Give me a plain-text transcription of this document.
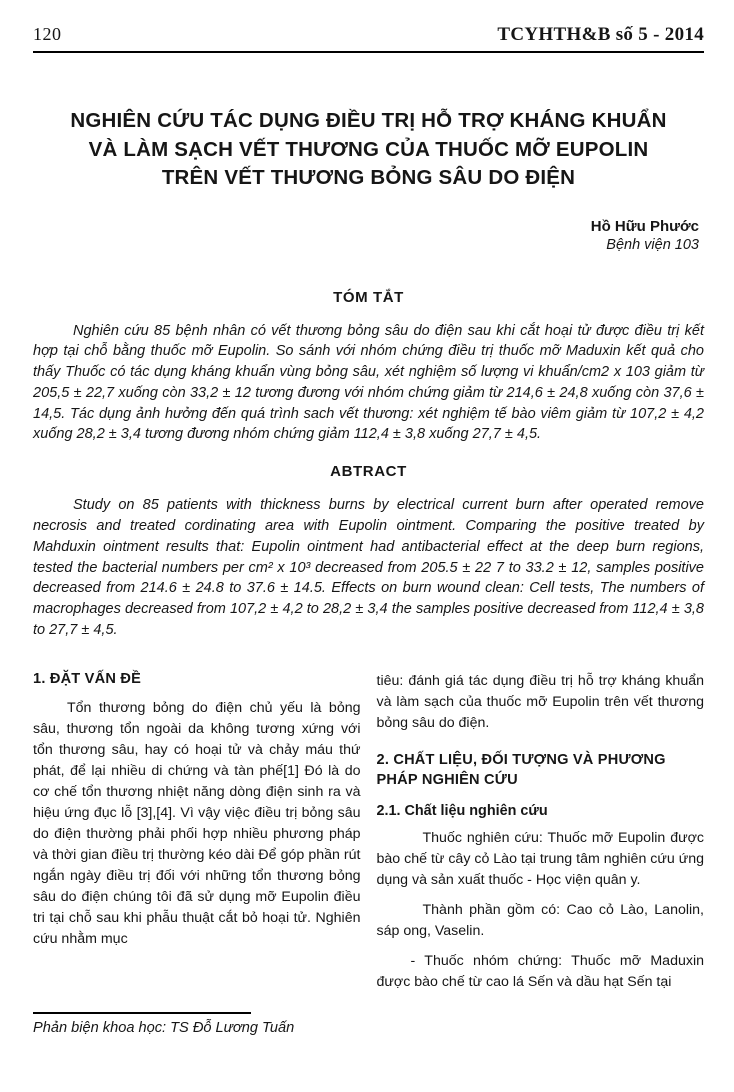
120	TCYHTH&B số 5 - 2014
NGHIÊN CỨU TÁC DỤNG ĐIỀU TRỊ HỖ TRỢ KHÁNG KHUẨN
VÀ LÀM SẠCH VẾT THƯƠNG CỦA THUỐC MỠ EUPOLIN
TRÊN VẾT THƯƠNG BỎNG SÂU DO ĐIỆN
Hồ Hữu Phước
Bệnh viện 103
TÓM TẮT

Nghiên cứu 85 bệnh nhân có vết thương bỏng sâu do điện sau khi cắt hoại tử được điều trị kết hợp tại chỗ bằng thuốc mỡ Eupolin. So sánh với nhóm chứng điều trị thuốc mỡ Maduxin kết quả cho thấy Thuốc có tác dụng kháng khuẩn vùng bỏng sâu, xét nghiệm số lượng vi khuẩn/cm2 x 103 giảm từ 205,5 ± 22,7 xuống còn 33,2 ± 12 tương đương với nhóm chứng giảm từ 214,6 ± 24,8 xuống còn 37,6 ± 14,5. Tác dụng ảnh hưởng đến quá trình sach vết thương: xét nghiệm tế bào viêm giảm từ 107,2 ± 4,2 xuống 28,2 ± 3,4 tương đương nhóm chứng giảm 112,4 ± 3,8 xuống 27,7 ± 4,5.

ABTRACT

Study on 85 patients with thickness burns by electrical current burn after operated remove necrosis and treated cordinating area with Eupolin ointment. Comparing the positive treated by Mahduxin ointment results that: Eupolin ointment had antibacterial effect at the deep burn regions, tested the bacterial numbers per cm² x 10³ decreased from 205.5 ± 22 7 to 33.2 ± 12, samples positive decreased from 214.6 ± 24.8 to 37.6 ± 14.5. Effects on burn wound clean: Cell tests, The numbers of macrophages decreased from 107,2 ± 4,2 to 28,2 ± 3,4 the samples positive decreased from 112,4 ± 3,8 to 27,7 ± 4,5.

1. ĐẶT VẤN ĐỀ

Tổn thương bỏng do điện chủ yếu là bỏng sâu, thương tổn ngoài da không tương xứng với tổn thương sâu, hay có hoại tử và chảy máu thứ phát, để lại nhiều di chứng và tàn phế[1] Đó là do cơ chế tổn thương nhiệt năng dòng điện sinh ra và hiệu ứng đục lỗ [3],[4]. Vì vậy việc điều trị bỏng sâu do điện thường phải phối hợp nhiều phương pháp và thời gian điều trị thường kéo dài Để góp phần rút ngắn ngày điều trị đối với những tổn thương bỏng sâu do điện chúng tôi đã sử dụng mỡ Eupolin điều tri tại chỗ sau khi phẫu thuật cắt bỏ hoại tử. Nghiên cứu nhằm mục

tiêu: đánh giá tác dụng điều trị hỗ trợ kháng khuẩn và làm sạch của thuốc mỡ Eupolin trên vết thương bỏng sâu do điện.

2. CHẤT LIỆU, ĐỐI TƯỢNG VÀ PHƯƠNG PHÁP NGHIÊN CỨU
2.1. Chất liệu nghiên cứu

Thuốc nghiên cứu: Thuốc mỡ Eupolin được bào chế từ cây cỏ Lào tại trung tâm nghiên cứu ứng dụng và sản xuất thuốc - Học viện quân y.

Thành phần gồm có: Cao cỏ Lào, Lanolin, sáp ong, Vaselin.

- Thuốc nhóm chứng: Thuốc mỡ Maduxin được bào chế từ cao lá Sến và dầu hạt Sến tại

Phản biện khoa học: TS Đỗ Lương Tuấn
